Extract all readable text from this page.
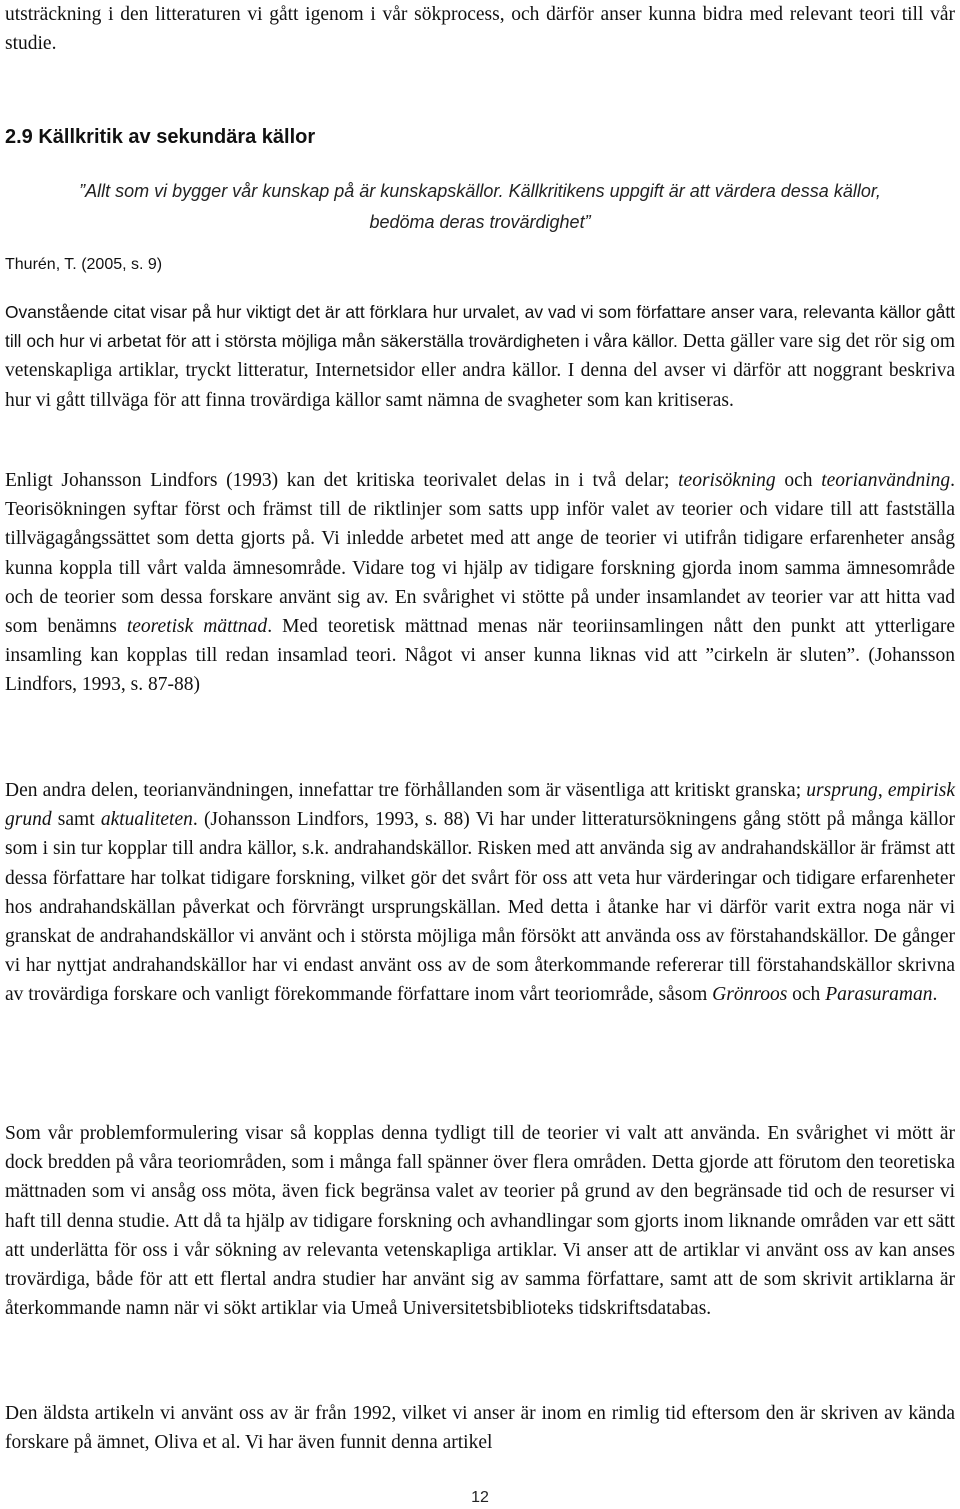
utsträckning i den litteraturen vi gått igenom i vår sökprocess, och därför anser kunna bidra med relevant teori till vår studie.

2.9 Källkritik av sekundära källor

”Allt som vi bygger vår kunskap på är kunskapskällor. Källkritikens uppgift är att värdera dessa källor, bedöma deras trovärdighet”

Thurén, T. (2005, s. 9)

Ovanstående citat visar på hur viktigt det är att förklara hur urvalet, av vad vi som författare anser vara, relevanta källor gått till och hur vi arbetat för att i största möjliga mån säkerställa trovärdigheten i våra källor. Detta gäller vare sig det rör sig om vetenskapliga artiklar, tryckt litteratur, Internetsidor eller andra källor. I denna del avser vi därför att noggrant beskriva hur vi gått tillväga för att finna trovärdiga källor samt nämna de svagheter som kan kritiseras.

Enligt Johansson Lindfors (1993) kan det kritiska teorivalet delas in i två delar; teorisökning och teorianvändning. Teorisökningen syftar först och främst till de riktlinjer som satts upp inför valet av teorier och vidare till att fastställa tillvägagångssättet som detta gjorts på. Vi inledde arbetet med att ange de teorier vi utifrån tidigare erfarenheter ansåg kunna koppla till vårt valda ämnesområde. Vidare tog vi hjälp av tidigare forskning gjorda inom samma ämnesområde och de teorier som dessa forskare använt sig av. En svårighet vi stötte på under insamlandet av teorier var att hitta vad som benämns teoretisk mättnad. Med teoretisk mättnad menas när teoriinsamlingen nått den punkt att ytterligare insamling kan kopplas till redan insamlad teori. Något vi anser kunna liknas vid att ”cirkeln är sluten”. (Johansson Lindfors, 1993, s. 87-88)

Den andra delen, teorianvändningen, innefattar tre förhållanden som är väsentliga att kritiskt granska; ursprung, empirisk grund samt aktualiteten. (Johansson Lindfors, 1993, s. 88) Vi har under litteratursökningens gång stött på många källor som i sin tur kopplar till andra källor, s.k. andrahandskällor. Risken med att använda sig av andrahandskällor är främst att dessa författare har tolkat tidigare forskning, vilket gör det svårt för oss att veta hur värderingar och tidigare erfarenheter hos andrahandskällan påverkat och förvrängt ursprungskällan. Med detta i åtanke har vi därför varit extra noga när vi granskat de andrahandskällor vi använt och i största möjliga mån försökt att använda oss av förstahandskällor. De gånger vi har nyttjat andrahandskällor har vi endast använt oss av de som återkommande refererar till förstahandskällor skrivna av trovärdiga forskare och vanligt förekommande författare inom vårt teoriområde, såsom Grönroos och Parasuraman.

Som vår problemformulering visar så kopplas denna tydligt till de teorier vi valt att använda. En svårighet vi mött är dock bredden på våra teoriområden, som i många fall spänner över flera områden. Detta gjorde att förutom den teoretiska mättnaden som vi ansåg oss möta, även fick begränsa valet av teorier på grund av den begränsade tid och de resurser vi haft till denna studie. Att då ta hjälp av tidigare forskning och avhandlingar som gjorts inom liknande områden var ett sätt att underlätta för oss i vår sökning av relevanta vetenskapliga artiklar. Vi anser att de artiklar vi använt oss av kan anses trovärdiga, både för att ett flertal andra studier har använt sig av samma författare, samt att de som skrivit artiklarna är återkommande namn när vi sökt artiklar via Umeå Universitetsbiblioteks tidskriftsdatabas.

Den äldsta artikeln vi använt oss av är från 1992, vilket vi anser är inom en rimlig tid eftersom den är skriven av kända forskare på ämnet, Oliva et al. Vi har även funnit denna artikel

12
